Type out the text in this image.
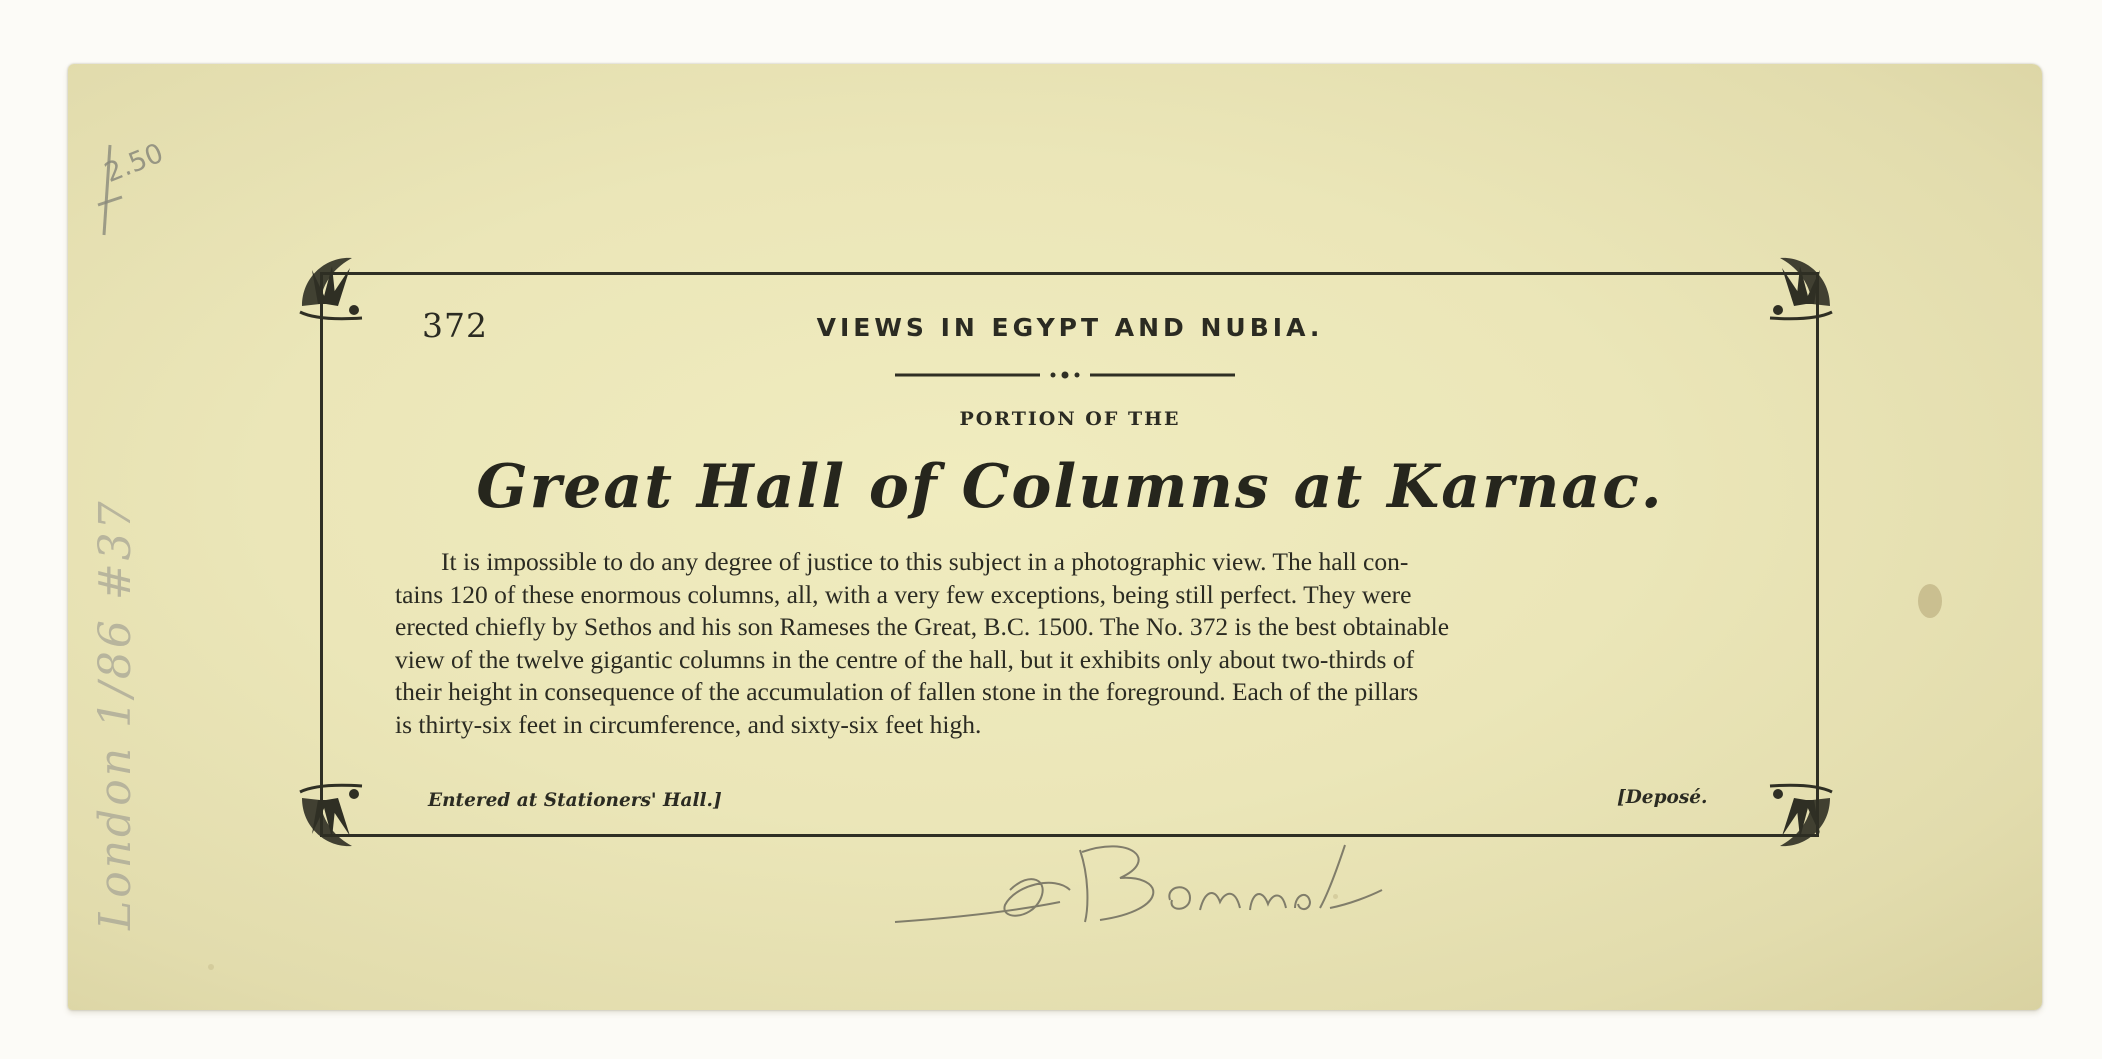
2.50
London 1/86 #37
372	VIEWS IN EGYPT AND NUBIA.
PORTION OF THE
Great Hall of Columns at Karnac.

It is impossible to do any degree of justice to this subject in a photographic view. The hall con-

tains 120 of these enormous columns, all, with a very few exceptions, being still perfect. They were

erected chiefly by Sethos and his son Rameses the Great, B.C. 1500. The No. 372 is the best obtainable

view of the twelve gigantic columns in the centre of the hall, but it exhibits only about two-thirds of

their height in consequence of the accumulation of fallen stone in the foreground. Each of the pillars

is thirty-six feet in circumference, and sixty-six feet high.

Entered at Stationers' Hall.]	[Deposé.
